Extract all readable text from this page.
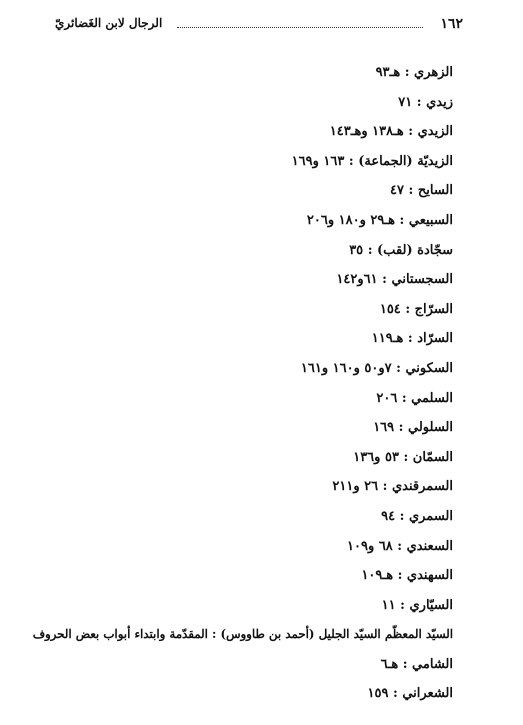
١٦٢
الرجال لابن الغَضائريّ
الزهري : هـ٩٣
زيدي : ٧١
الزيدي : هـ١٣٨ وهـ١٤٣
الزيديّة (الجماعة) : ١٦٣ و١٦٩
السايح : ٤٧
السبيعي : هـ٢٩ و١٨٠ و٢٠٦
سجّادة (لقب) : ٣٥
السجستاني : ٦١و١٤٢
السرّاج : ١٥٤
السرّاد : هـ١١٩
السكوني : ٧و٥٠ و١٦٠ و١٦١
السلمي : ٢٠٦
السلولي : ١٦٩
السمّان : ٥٣ و١٣٦
السمرقندي : ٢٦ و٢١١
السمري : ٩٤
السعندي : ٦٨ و١٠٩
السهندي : هـ١٠٩
السيّاري : ١١
السيّد المعظّم السيّد الجليل (أحمد بن طاووس) : المقدّمة وابتداء أبواب بعض الحروف
الشامي : هـ٦
الشعراني : ١٥٩
